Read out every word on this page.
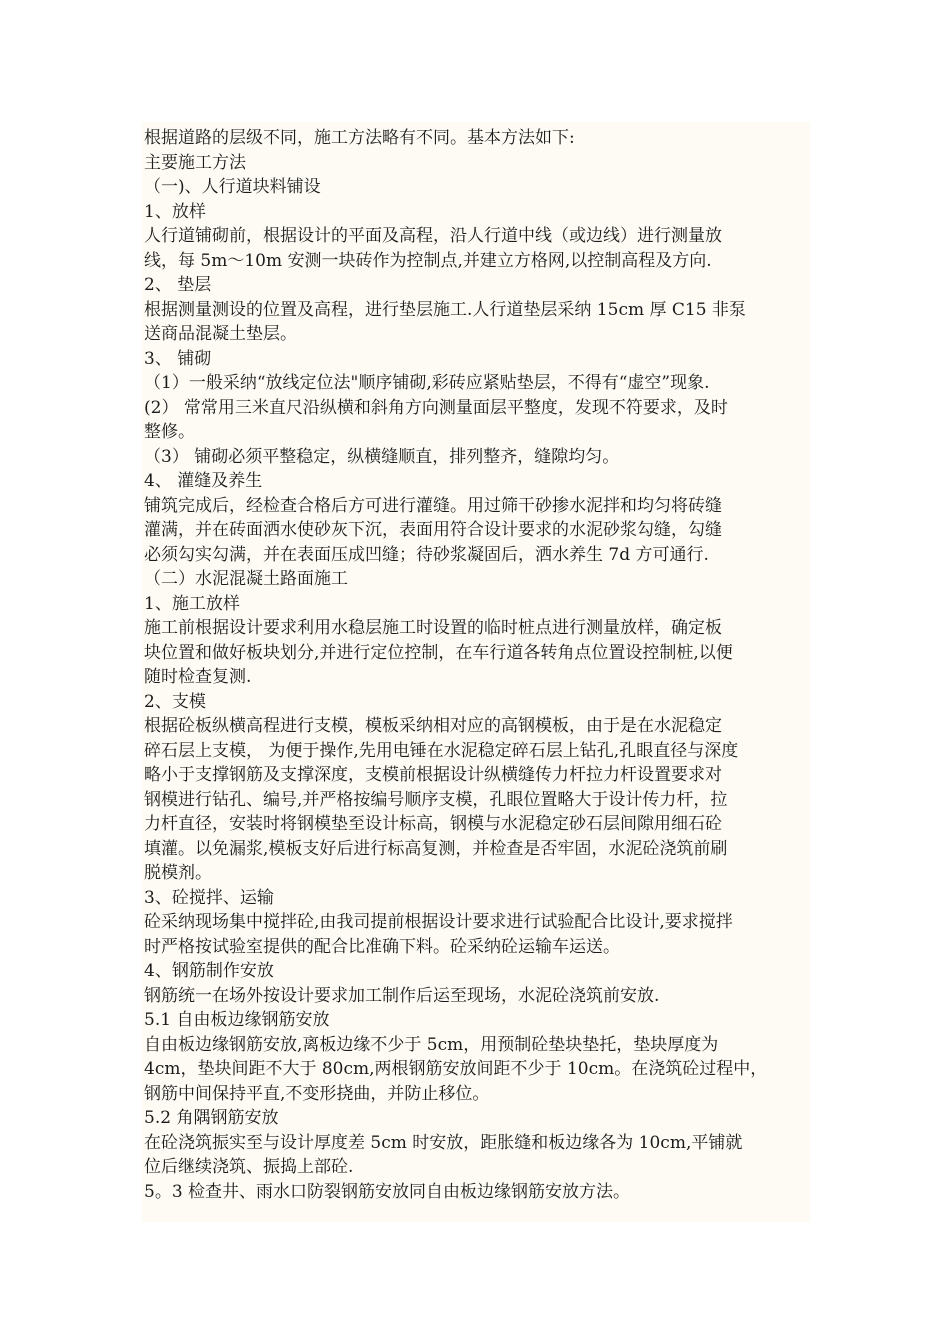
根据道路的层级不同，施工方法略有不同。基本方法如下:
主要施工方法
（一)、人行道块料铺设
1、放样
人行道铺砌前，根据设计的平面及高程，沿人行道中线（或边线）进行测量放
线，每 5m～10m 安测一块砖作为控制点,并建立方格网,以控制高程及方向.
2、 垫层
根据测量测设的位置及高程，进行垫层施工.人行道垫层采纳 15cm 厚 C15 非泵
送商品混凝土垫层。
3、 铺砌
（1）一般采纳“放线定位法"顺序铺砌,彩砖应紧贴垫层，不得有“虚空”现象.
(2） 常常用三米直尺沿纵横和斜角方向测量面层平整度，发现不符要求，及时
整修。
（3） 铺砌必须平整稳定，纵横缝顺直，排列整齐，缝隙均匀。
4、 灌缝及养生
铺筑完成后，经检查合格后方可进行灌缝。用过筛干砂掺水泥拌和均匀将砖缝
灌满，并在砖面洒水使砂灰下沉，表面用符合设计要求的水泥砂浆勾缝，勾缝
必须勾实勾满，并在表面压成凹缝；待砂浆凝固后，洒水养生 7d 方可通行.
（二）水泥混凝土路面施工
1、施工放样
施工前根据设计要求利用水稳层施工时设置的临时桩点进行测量放样，确定板
块位置和做好板块划分,并进行定位控制，在车行道各转角点位置设控制桩,以便
随时检查复测.
2、支模
根据砼板纵横高程进行支模，模板采纳相对应的高钢模板，由于是在水泥稳定
碎石层上支模， 为便于操作,先用电锤在水泥稳定碎石层上钻孔,孔眼直径与深度
略小于支撑钢筋及支撑深度，支模前根据设计纵横缝传力杆拉力杆设置要求对
钢模进行钻孔、编号,并严格按编号顺序支模，孔眼位置略大于设计传力杆，拉
力杆直径，安装时将钢模垫至设计标高，钢模与水泥稳定砂石层间隙用细石砼
填灌。以免漏浆,模板支好后进行标高复测，并检查是否牢固，水泥砼浇筑前刷
脱模剂。
3、砼搅拌、运输
砼采纳现场集中搅拌砼,由我司提前根据设计要求进行试验配合比设计,要求搅拌
时严格按试验室提供的配合比准确下料。砼采纳砼运输车运送。
4、钢筋制作安放
钢筋统一在场外按设计要求加工制作后运至现场，水泥砼浇筑前安放.
5.1 自由板边缘钢筋安放
自由板边缘钢筋安放,离板边缘不少于 5cm，用预制砼垫块垫托，垫块厚度为
4cm，垫块间距不大于 80cm,两根钢筋安放间距不少于 10cm。在浇筑砼过程中，
钢筋中间保持平直,不变形挠曲，并防止移位。
5.2 角隅钢筋安放
在砼浇筑振实至与设计厚度差 5cm 时安放，距胀缝和板边缘各为 10cm,平铺就
位后继续浇筑、振捣上部砼.
5。3 检查井、雨水口防裂钢筋安放同自由板边缘钢筋安放方法。
